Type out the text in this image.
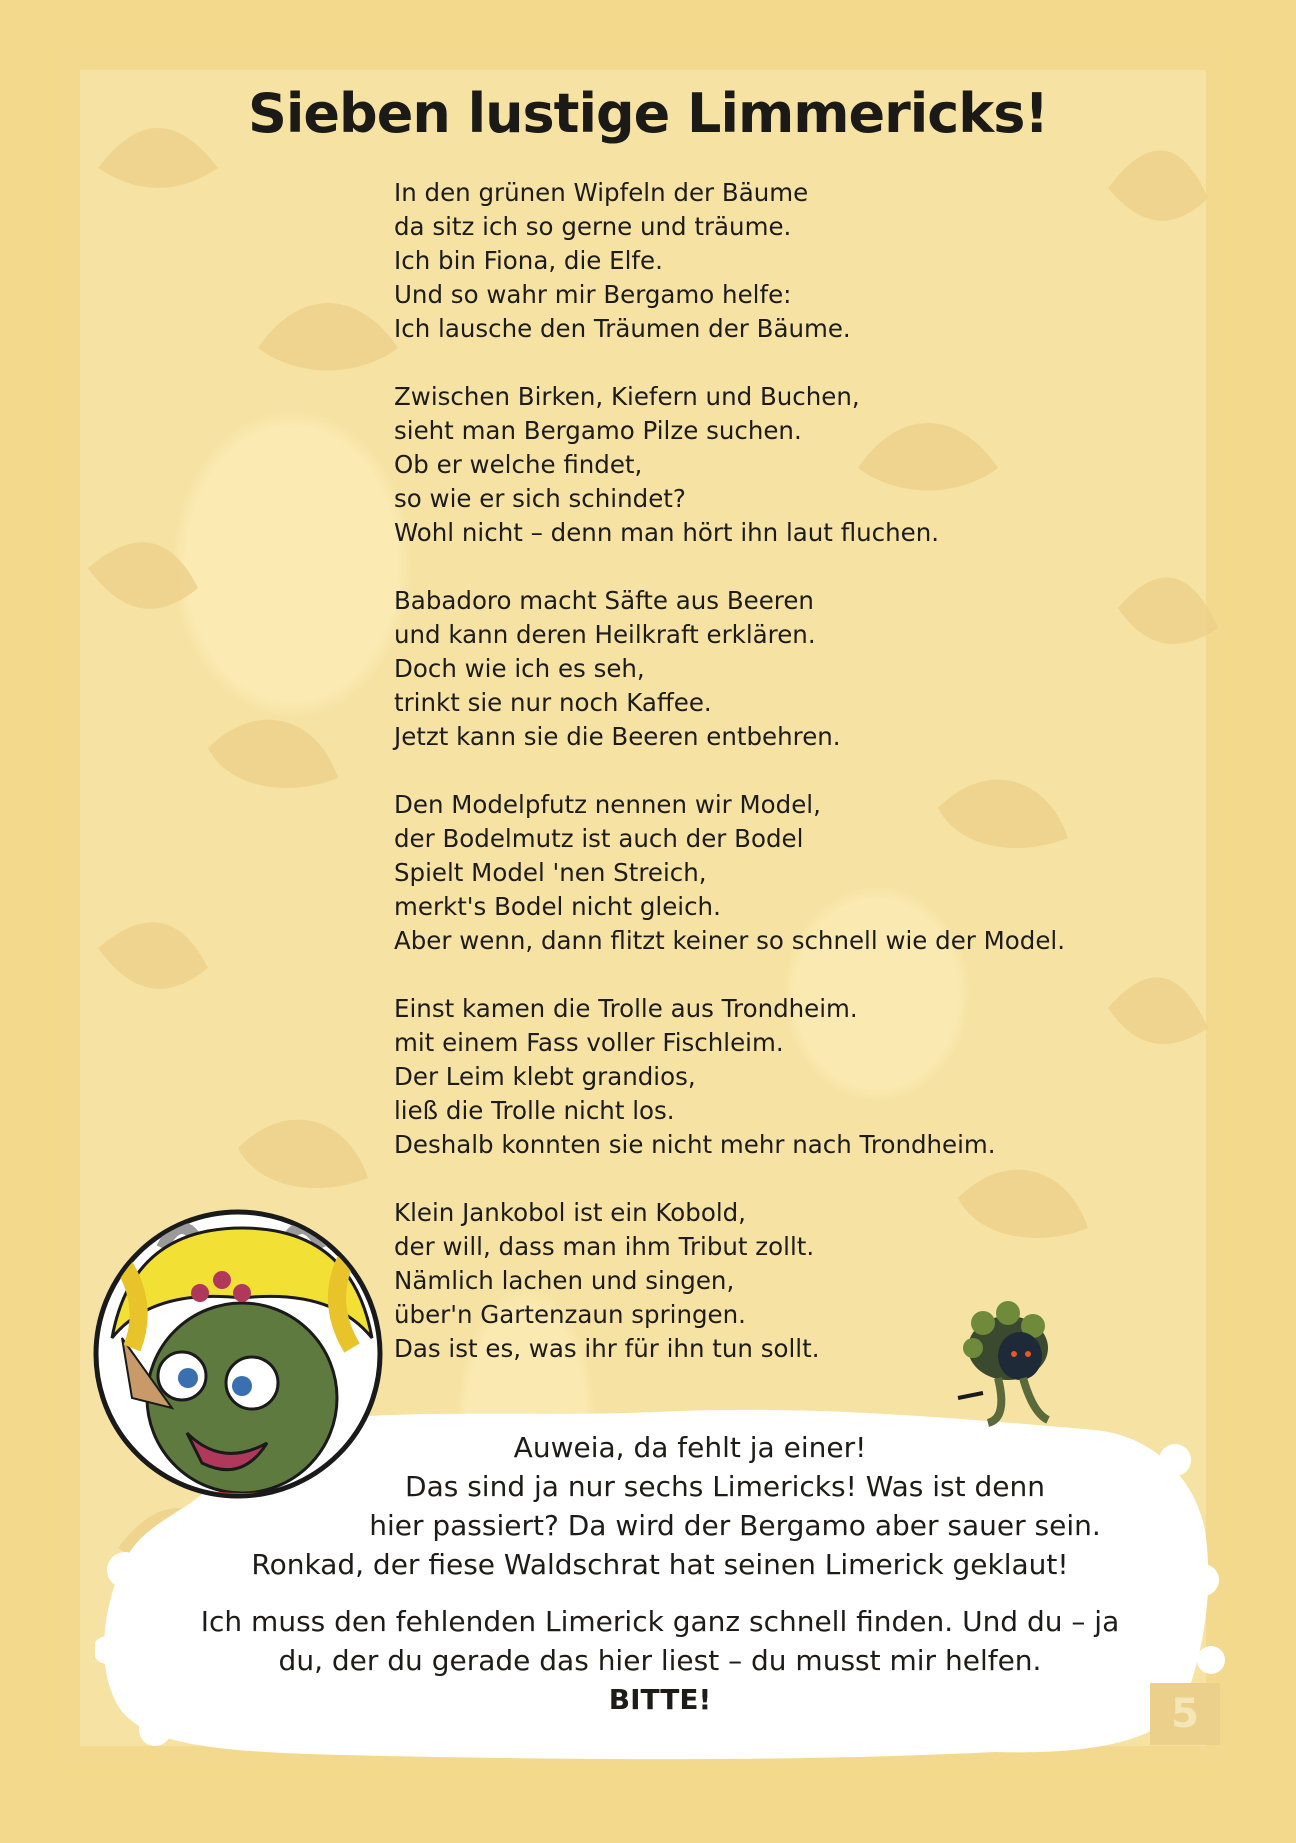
Sieben lustige Limmericks!
In den grünen Wipfeln der Bäume
da sitz ich so gerne und träume.
Ich bin Fiona, die Elfe.
Und so wahr mir Bergamo helfe:
Ich lausche den Träumen der Bäume.
Zwischen Birken, Kiefern und Buchen,
sieht man Bergamo Pilze suchen.
Ob er welche findet,
so wie er sich schindet?
Wohl nicht – denn man hört ihn laut fluchen.
Babadoro macht Säfte aus Beeren
und kann deren Heilkraft erklären.
Doch wie ich es seh,
trinkt sie nur noch Kaffee.
Jetzt kann sie die Beeren entbehren.
Den Modelpfutz nennen wir Model,
der Bodelmutz ist auch der Bodel
Spielt Model 'nen Streich,
merkt's Bodel nicht gleich.
Aber wenn, dann flitzt keiner so schnell wie der Model.
Einst kamen die Trolle aus Trondheim.
mit einem Fass voller Fischleim.
Der Leim klebt grandios,
ließ die Trolle nicht los.
Deshalb konnten sie nicht mehr nach Trondheim.
Klein Jankobol ist ein Kobold,
der will, dass man ihm Tribut zollt.
Nämlich lachen und singen,
über'n Gartenzaun springen.
Das ist es, was ihr für ihn tun sollt.
Auweia, da fehlt ja einer!
Das sind ja nur sechs Limericks! Was ist denn
hier passiert? Da wird der Bergamo aber sauer sein.
Ronkad, der fiese Waldschrat hat seinen Limerick geklaut!
Ich muss den fehlenden Limerick ganz schnell finden. Und du – ja
du, der du gerade das hier liest – du musst mir helfen.
BITTE!	5
